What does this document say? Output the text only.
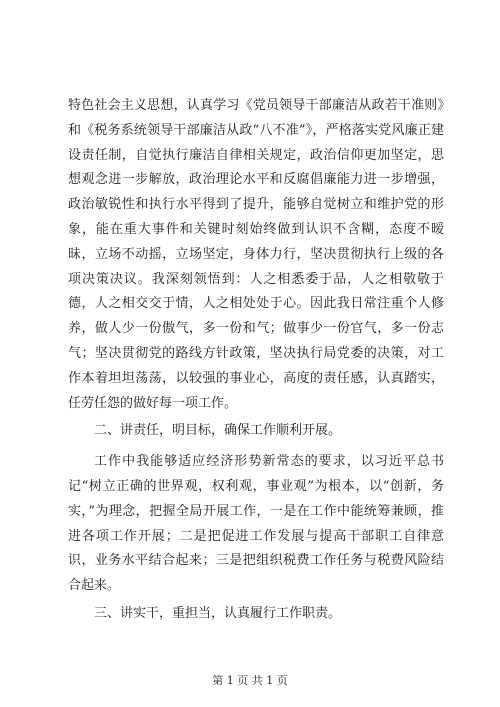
特色社会主义思想，认真学习《党员领导干部廉洁从政若干准则》和《税务系统领导干部廉洁从政“八不准”》，严格落实党风廉正建设责任制，自觉执行廉洁自律相关规定，政治信仰更加坚定，思想观念进一步解放，政治理论水平和反腐倡廉能力进一步增强，政治敏锐性和执行水平得到了提升，能够自觉树立和维护党的形象，能在重大事件和关键时刻始终做到认识不含糊，态度不暧昧，立场不动摇，立场坚定，身体力行，坚决贯彻执行上级的各项决策决议。我深刻领悟到：人之相悉委于品，人之相敬敬于德，人之相交交于情，人之相处处于心。因此我日常注重个人修养，做人少一份傲气，多一份和气；做事少一份官气，多一份志气；坚决贯彻党的路线方针政策，坚决执行局党委的决策，对工作本着坦坦荡荡，以较强的事业心，高度的责任感，认真踏实，任劳任怨的做好每一项工作。

二、讲责任，明目标，确保工作顺利开展。

工作中我能够适应经济形势新常态的要求，以习近平总书记“树立正确的世界观，权利观，事业观”为根本，以“创新，务实，”为理念，把握全局开展工作，一是在工作中能统筹兼顾，推进各项工作开展；二是把促进工作发展与提高干部职工自律意识，业务水平结合起来；三是把组织税费工作任务与税费风险结合起来。

三、讲实干，重担当，认真履行工作职责。

第 1 页 共 1 页
